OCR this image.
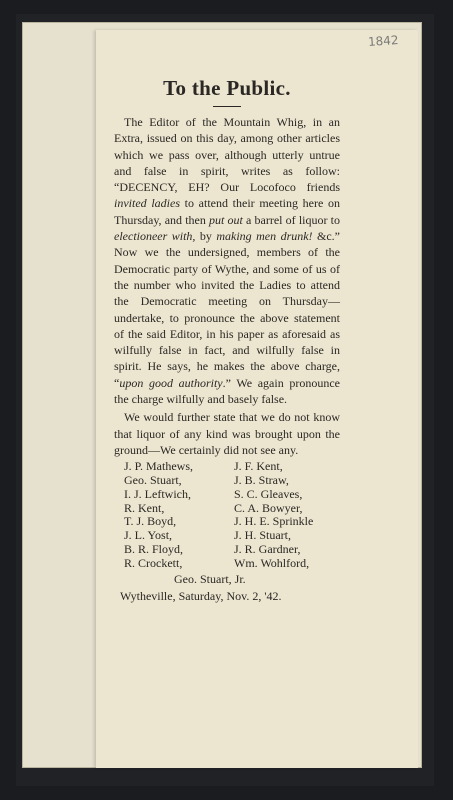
1842
To the Public.

The Editor of the Mountain Whig, in an Extra, issued on this day, among other articles which we pass over, although utterly untrue and false in spirit, writes as follow: “DECENCY, EH? Our Locofoco friends invited ladies to attend their meeting here on Thursday, and then put out a barrel of liquor to electioneer with, by making men drunk! &c.” Now we the undersigned, members of the Democratic party of Wythe, and some of us of the number who invited the Ladies to attend the Democratic meeting on Thursday—undertake, to pronounce the above statement of the said Editor, in his paper as aforesaid as wilfully false in fact, and wilfully false in spirit. He says, he makes the above charge, “upon good authority.” We again pronounce the charge wilfully and basely false.

We would further state that we do not know that liquor of any kind was brought upon the ground—We certainly did not see any.

J. P. Mathews,	J. F. Kent,
Geo. Stuart,	J. B. Straw,
I. J. Leftwich,	S. C. Gleaves,
R. Kent,	C. A. Bowyer,
T. J. Boyd,	J. H. E. Sprinkle
J. L. Yost,	J. H. Stuart,
B. R. Floyd,	J. R. Gardner,
R. Crockett,	Wm. Wohlford,
Geo. Stuart, Jr.
Wytheville, Saturday, Nov. 2, '42.
